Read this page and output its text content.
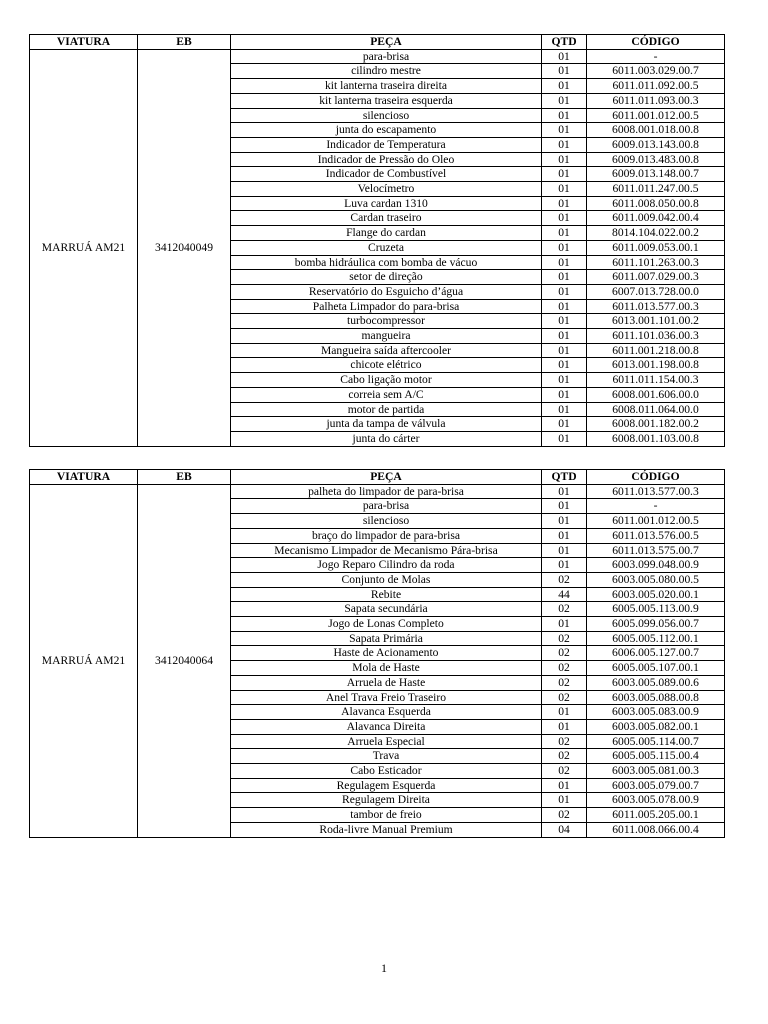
VIATURA	EB	PEÇA	QTD	CÓDIGO
MARRUÁ AM21	3412040049	para-brisa	01	-
		cilindro mestre	01	6011.003.029.00.7
		kit lanterna traseira direita	01	6011.011.092.00.5
		kit lanterna traseira esquerda	01	6011.011.093.00.3
		silencioso	01	6011.001.012.00.5
		junta do escapamento	01	6008.001.018.00.8
		Indicador de Temperatura	01	6009.013.143.00.8
		Indicador de Pressão do Oleo	01	6009.013.483.00.8
		Indicador de Combustível	01	6009.013.148.00.7
		Velocímetro	01	6011.011.247.00.5
		Luva cardan 1310	01	6011.008.050.00.8
		Cardan traseiro	01	6011.009.042.00.4
		Flange do cardan	01	8014.104.022.00.2
		Cruzeta	01	6011.009.053.00.1
		bomba hidráulica com bomba de vácuo	01	6011.101.263.00.3
		setor de direção	01	6011.007.029.00.3
		Reservatório do Esguicho d’água	01	6007.013.728.00.0
		Palheta Limpador do para-brisa	01	6011.013.577.00.3
		turbocompressor	01	6013.001.101.00.2
		mangueira	01	6011.101.036.00.3
		Mangueira saída aftercooler	01	6011.001.218.00.8
		chicote elétrico	01	6013.001.198.00.8
		Cabo ligação motor	01	6011.011.154.00.3
		correia sem A/C	01	6008.001.606.00.0
		motor de partida	01	6008.011.064.00.0
		junta da tampa de válvula	01	6008.001.182.00.2
		junta do cárter	01	6008.001.103.00.8
VIATURA	EB	PEÇA	QTD	CÓDIGO
MARRUÁ AM21	3412040064	palheta do limpador de para-brisa	01	6011.013.577.00.3
		para-brisa	01	-
		silencioso	01	6011.001.012.00.5
		braço do limpador de para-brisa	01	6011.013.576.00.5
		Mecanismo Limpador de Mecanismo Pára-brisa	01	6011.013.575.00.7
		Jogo Reparo Cilindro da roda	01	6003.099.048.00.9
		Conjunto de Molas	02	6003.005.080.00.5
		Rebite	44	6003.005.020.00.1
		Sapata secundária	02	6005.005.113.00.9
		Jogo de Lonas Completo	01	6005.099.056.00.7
		Sapata Primária	02	6005.005.112.00.1
		Haste de Acionamento	02	6006.005.127.00.7
		Mola de Haste	02	6005.005.107.00.1
		Arruela de Haste	02	6003.005.089.00.6
		Anel Trava Freio Traseiro	02	6003.005.088.00.8
		Alavanca Esquerda	01	6003.005.083.00.9
		Alavanca Direita	01	6003.005.082.00.1
		Arruela Especial	02	6005.005.114.00.7
		Trava	02	6005.005.115.00.4
		Cabo Esticador	02	6003.005.081.00.3
		Regulagem Esquerda	01	6003.005.079.00.7
		Regulagem Direita	01	6003.005.078.00.9
		tambor de freio	02	6011.005.205.00.1
		Roda-livre Manual Premium	04	6011.008.066.00.4
1
